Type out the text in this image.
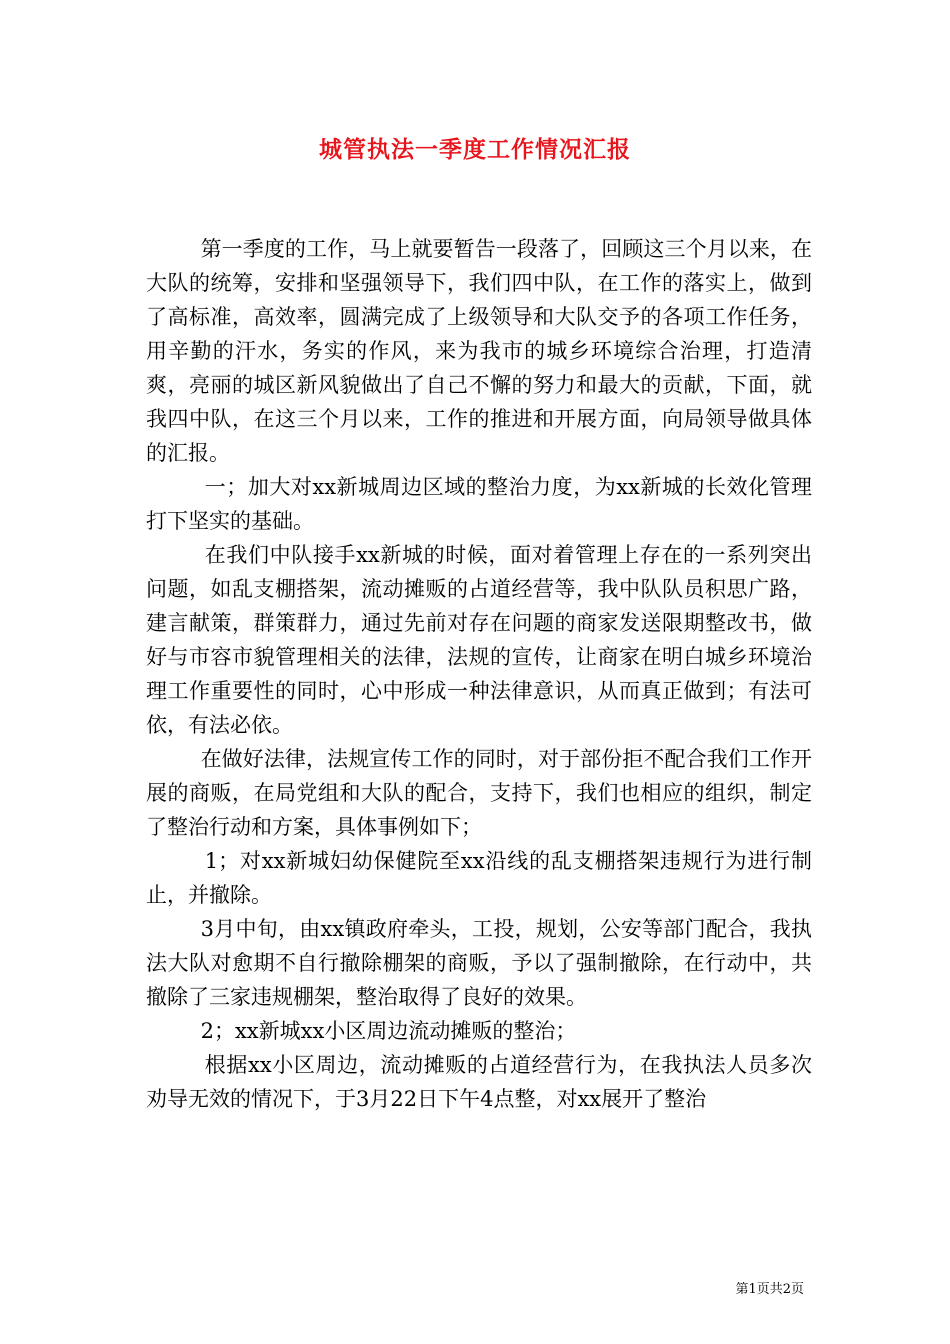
城管执法一季度工作情况汇报

第一季度的工作，马上就要暂告一段落了，回顾这三个月以来，在大队的统筹，安排和坚强领导下，我们四中队，在工作的落实上，做到了高标准，高效率，圆满完成了上级领导和大队交予的各项工作任务，用辛勤的汗水，务实的作风，来为我市的城乡环境综合治理，打造清爽，亮丽的城区新风貌做出了自己不懈的努力和最大的贡献，下面，就我四中队，在这三个月以来，工作的推进和开展方面，向局领导做具体的汇报。

一；加大对xx新城周边区域的整治力度，为xx新城的长效化管理打下坚实的基础。

在我们中队接手xx新城的时候，面对着管理上存在的一系列突出问题，如乱支棚搭架，流动摊贩的占道经营等，我中队队员积思广路，建言献策，群策群力，通过先前对存在问题的商家发送限期整改书，做好与市容市貌管理相关的法律，法规的宣传，让商家在明白城乡环境治理工作重要性的同时，心中形成一种法律意识，从而真正做到；有法可依，有法必依。

在做好法律，法规宣传工作的同时，对于部份拒不配合我们工作开展的商贩，在局党组和大队的配合，支持下，我们也相应的组织，制定了整治行动和方案，具体事例如下；

1；对xx新城妇幼保健院至xx沿线的乱支棚搭架违规行为进行制止，并撤除。

3月中旬，由xx镇政府牵头，工投，规划，公安等部门配合，我执法大队对愈期不自行撤除棚架的商贩，予以了强制撤除，在行动中，共撤除了三家违规棚架，整治取得了良好的效果。

2；xx新城xx小区周边流动摊贩的整治；

根据xx小区周边，流动摊贩的占道经营行为，在我执法人员多次劝导无效的情况下，于3月22日下午4点整，对xx展开了整治

第1页共2页
